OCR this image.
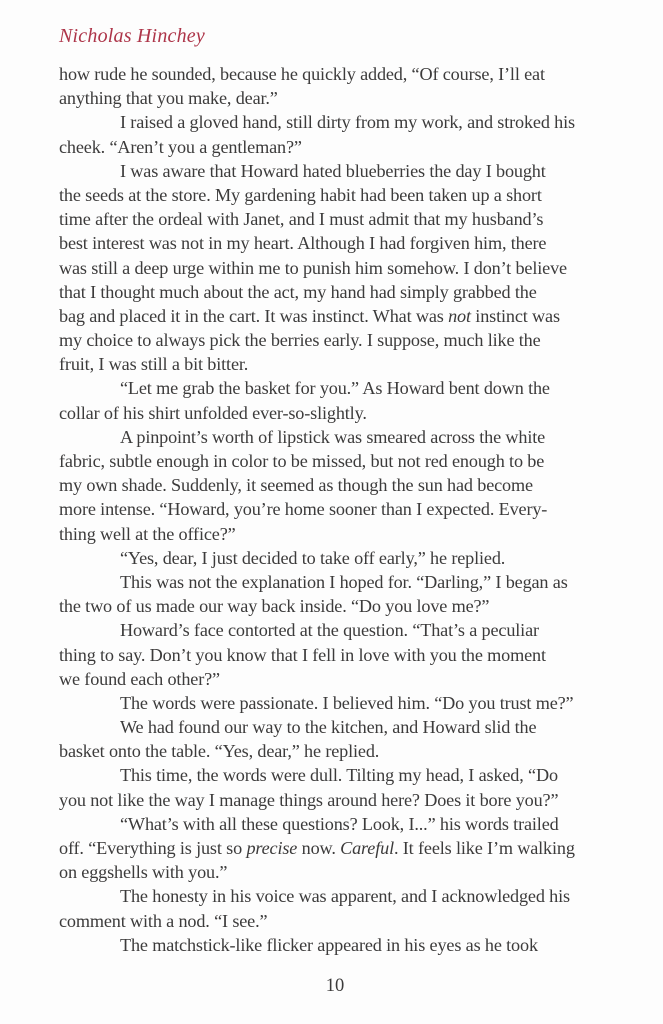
Nicholas Hinchey
how rude he sounded, because he quickly added, “Of course, I’ll eat
anything that you make, dear.”
I raised a gloved hand, still dirty from my work, and stroked his
cheek. “Aren’t you a gentleman?”
I was aware that Howard hated blueberries the day I bought
the seeds at the store. My gardening habit had been taken up a short
time after the ordeal with Janet, and I must admit that my husband’s
best interest was not in my heart. Although I had forgiven him, there
was still a deep urge within me to punish him somehow. I don’t believe
that I thought much about the act, my hand had simply grabbed the
bag and placed it in the cart. It was instinct. What was not instinct was
my choice to always pick the berries early. I suppose, much like the
fruit, I was still a bit bitter.
“Let me grab the basket for you.” As Howard bent down the
collar of his shirt unfolded ever-so-slightly.
A pinpoint’s worth of lipstick was smeared across the white
fabric, subtle enough in color to be missed, but not red enough to be
my own shade. Suddenly, it seemed as though the sun had become
more intense. “Howard, you’re home sooner than I expected. Every-
thing well at the office?”
“Yes, dear, I just decided to take off early,” he replied.
This was not the explanation I hoped for. “Darling,” I began as
the two of us made our way back inside. “Do you love me?”
Howard’s face contorted at the question. “That’s a peculiar
thing to say. Don’t you know that I fell in love with you the moment
we found each other?”
The words were passionate. I believed him. “Do you trust me?”
We had found our way to the kitchen, and Howard slid the
basket onto the table. “Yes, dear,” he replied.
This time, the words were dull. Tilting my head, I asked, “Do
you not like the way I manage things around here? Does it bore you?”
“What’s with all these questions? Look, I...” his words trailed
off. “Everything is just so precise now. Careful. It feels like I’m walking
on eggshells with you.”
The honesty in his voice was apparent, and I acknowledged his
comment with a nod. “I see.”
The matchstick-like flicker appeared in his eyes as he took
10
